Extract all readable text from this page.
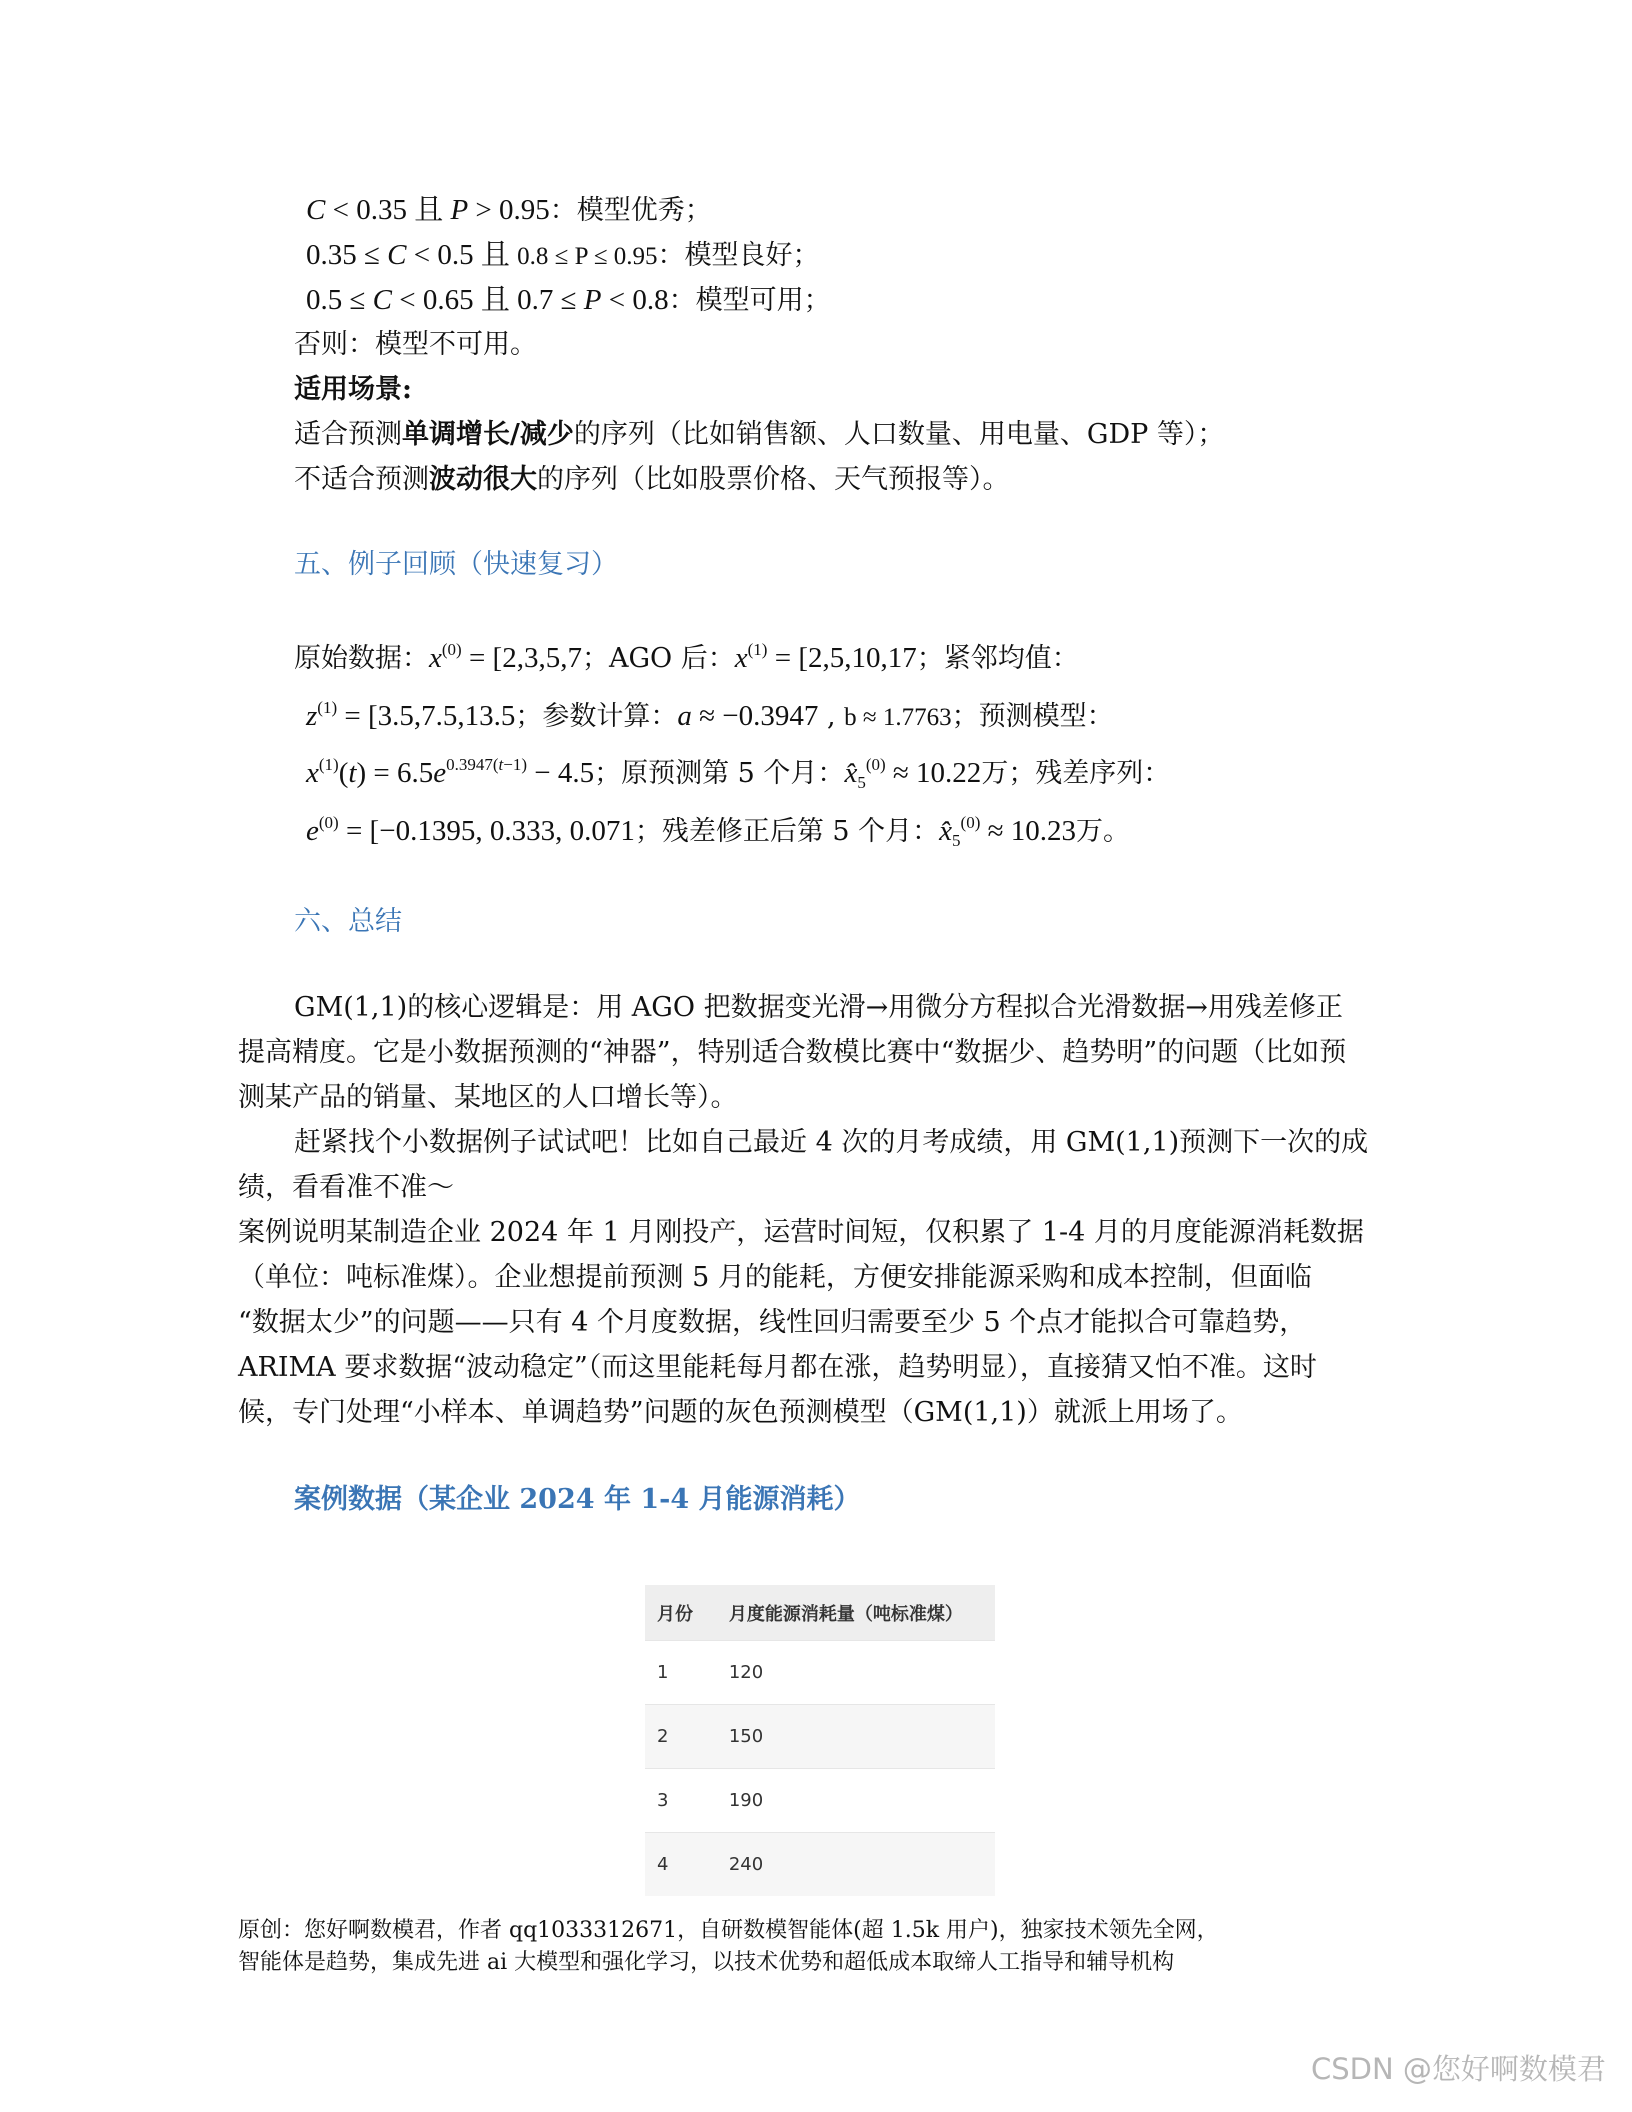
C < 0.35 且 P > 0.95：模型优秀；
0.35 ≤ C < 0.5 且 0.8 ≤ P ≤ 0.95：模型良好；
0.5 ≤ C < 0.65 且 0.7 ≤ P < 0.8：模型可用；
否则：模型不可用。
适用场景:
适合预测单调增长/减少的序列（比如销售额、人口数量、用电量、GDP 等）；
不适合预测波动很大的序列（比如股票价格、天气预报等）。
五、例子回顾（快速复习）
原始数据：$x^{(0)} = [2,3,5,7$；AGO 后：$x^{(1)} = [2,5,10,17$；紧邻均值：
$z^{(1)} = [3.5,7.5,13.5$；参数计算：a ≈ −0.3947 , b ≈ 1.7763；预测模型：
$x^{(1)}(t) = 6.5e^{0.3947(t-1)} - 4.5$；原预测第 5 个月：$x̂_5^{(0)} \approx 10.22$万；残差序列：
$e^{(0)} = [-0.1395$, 0.333, 0.071；残差修正后第 5 个月：$x̂_5^{(0)} \approx 10.23$万。
六、总结
GM(1,1)的核心逻辑是：用 AGO 把数据变光滑→用微分方程拟合光滑数据→用残差修正
提高精度。它是小数据预测的“神器”，特别适合数模比赛中“数据少、趋势明”的问题（比如预
测某产品的销量、某地区的人口增长等）。
赶紧找个小数据例子试试吧！比如自己最近 4 次的月考成绩，用 GM(1,1)预测下一次的成
绩，看看准不准～
案例说明某制造企业 2024 年 1 月刚投产，运营时间短，仅积累了 1-4 月的月度能源消耗数据
（单位：吨标准煤）。企业想提前预测 5 月的能耗，方便安排能源采购和成本控制，但面临
“数据太少”的问题——只有 4 个月度数据，线性回归需要至少 5 个点才能拟合可靠趋势，
ARIMA 要求数据“波动稳定”（而这里能耗每月都在涨，趋势明显），直接猜又怕不准。这时
候，专门处理“小样本、单调趋势”问题的灰色预测模型（GM(1,1)）就派上用场了。
案例数据（某企业 2024 年 1-4 月能源消耗）
月份	月度能源消耗量（吨标准煤）
1	120
2	150
3	190
4	240
原创：您好啊数模君，作者 qq1033312671，自研数模智能体(超 1.5k 用户)，独家技术领先全网，
智能体是趋势，集成先进 ai 大模型和强化学习，以技术优势和超低成本取缔人工指导和辅导机构
CSDN @您好啊数模君
